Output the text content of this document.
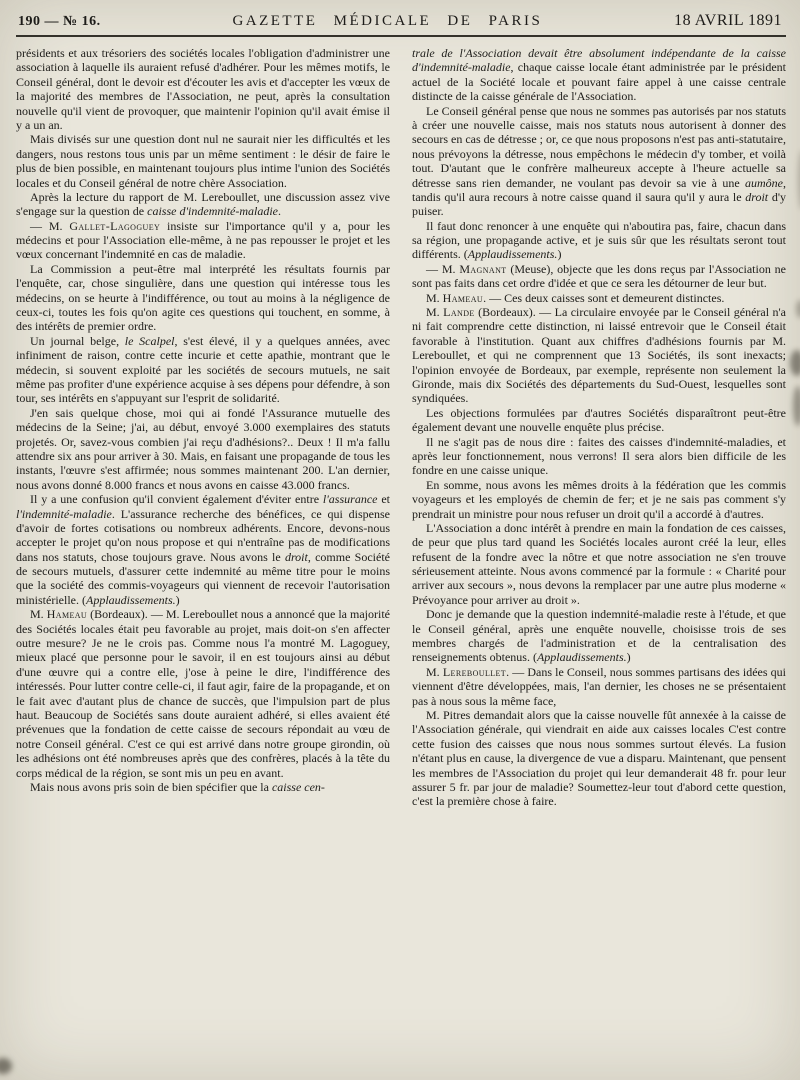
190 — № 16.	GAZETTE MÉDICALE DE PARIS	18 AVRIL 1891

présidents et aux trésoriers des sociétés locales l'obligation d'administrer une association à laquelle ils auraient refusé d'adhérer. Pour les mêmes motifs, le Conseil général, dont le devoir est d'écouter les avis et d'accepter les vœux de la majorité des membres de l'Association, ne peut, après la consultation nouvelle qu'il vient de provoquer, que maintenir l'opinion qu'il avait émise il y a un an.

Mais divisés sur une question dont nul ne saurait nier les difficultés et les dangers, nous restons tous unis par un même sentiment : le désir de faire le plus de bien possible, en maintenant toujours plus intime l'union des Sociétés locales et du Conseil général de notre chère Association.

Après la lecture du rapport de M. Lereboullet, une discussion assez vive s'engage sur la question de caisse d'indemnité-maladie.

— M. Gallet-Lagoguey insiste sur l'importance qu'il y a, pour les médecins et pour l'Association elle-même, à ne pas repousser le projet et les vœux concernant l'indemnité en cas de maladie.

La Commission a peut-être mal interprété les résultats fournis par l'enquête, car, chose singulière, dans une question qui intéresse tous les médecins, on se heurte à l'indifférence, ou tout au moins à la négligence de ceux-ci, toutes les fois qu'on agite ces questions qui touchent, en somme, à des intérêts de premier ordre.

Un journal belge, le Scalpel, s'est élevé, il y a quelques années, avec infiniment de raison, contre cette incurie et cette apathie, montrant que le médecin, si souvent exploité par les sociétés de secours mutuels, ne sait même pas profiter d'une expérience acquise à ses dépens pour défendre, à son tour, ses intérêts en s'appuyant sur l'esprit de solidarité.

J'en sais quelque chose, moi qui ai fondé l'Assurance mutuelle des médecins de la Seine; j'ai, au début, envoyé 3.000 exemplaires des statuts projetés. Or, savez-vous combien j'ai reçu d'adhésions?.. Deux ! Il m'a fallu attendre six ans pour arriver à 30. Mais, en faisant une propagande de tous les instants, l'œuvre s'est affirmée; nous sommes maintenant 200. L'an dernier, nous avons donné 8.000 francs et nous avons en caisse 43.000 francs.

Il y a une confusion qu'il convient également d'éviter entre l'assurance et l'indemnité-maladie. L'assurance recherche des bénéfices, ce qui dispense d'avoir de fortes cotisations ou nombreux adhérents. Encore, devons-nous accepter le projet qu'on nous propose et qui n'entraîne pas de modifications dans nos statuts, chose toujours grave. Nous avons le droit, comme Société de secours mutuels, d'assurer cette indemnité au même titre pour le moins que la société des commis-voyageurs qui viennent de recevoir l'autorisation ministérielle. (Applaudissements.)

M. Hameau (Bordeaux). — M. Lereboullet nous a annoncé que la majorité des Sociétés locales était peu favorable au projet, mais doit-on s'en affecter outre mesure? Je ne le crois pas. Comme nous l'a montré M. Lagoguey, mieux placé que personne pour le savoir, il en est toujours ainsi au début d'une œuvre qui a contre elle, j'ose à peine le dire, l'indifférence des intéressés. Pour lutter contre celle-ci, il faut agir, faire de la propagande, et on le fait avec d'autant plus de chance de succès, que l'impulsion part de plus haut. Beaucoup de Sociétés sans doute auraient adhéré, si elles avaient été prévenues que la fondation de cette caisse de secours répondait au vœu de notre Conseil général. C'est ce qui est arrivé dans notre groupe girondin, où les adhésions ont été nombreuses après que des confrères, placés à la tête du corps médical de la région, se sont mis un peu en avant.

Mais nous avons pris soin de bien spécifier que la caisse cen-

trale de l'Association devait être absolument indépendante de la caisse d'indemnité-maladie, chaque caisse locale étant administrée par le président actuel de la Société locale et pouvant faire appel à une caisse centrale distincte de la caisse générale de l'Association.

Le Conseil général pense que nous ne sommes pas autorisés par nos statuts à créer une nouvelle caisse, mais nos statuts nous autorisent à donner des secours en cas de détresse ; or, ce que nous proposons n'est pas anti-statutaire, nous prévoyons la détresse, nous empêchons le médecin d'y tomber, et voilà tout. D'autant que le confrère malheureux accepte à l'heure actuelle sa détresse sans rien demander, ne voulant pas devoir sa vie à une aumône, tandis qu'il aura recours à notre caisse quand il saura qu'il y aura le droit d'y puiser.

Il faut donc renoncer à une enquête qui n'aboutira pas, faire, chacun dans sa région, une propagande active, et je suis sûr que les résultats seront tout différents. (Applaudissements.)

— M. Magnant (Meuse), objecte que les dons reçus par l'Association ne sont pas faits dans cet ordre d'idée et que ce sera les détourner de leur but.

M. Hameau. — Ces deux caisses sont et demeurent distinctes.

M. Lande (Bordeaux). — La circulaire envoyée par le Conseil général n'a ni fait comprendre cette distinction, ni laissé entrevoir que le Conseil était favorable à l'institution. Quant aux chiffres d'adhésions fournis par M. Lereboullet, et qui ne comprennent que 13 Sociétés, ils sont inexacts; l'opinion envoyée de Bordeaux, par exemple, représente non seulement la Gironde, mais dix Sociétés des départements du Sud-Ouest, lesquelles sont syndiquées.

Les objections formulées par d'autres Sociétés disparaîtront peut-être également devant une nouvelle enquête plus précise.

Il ne s'agit pas de nous dire : faites des caisses d'indemnité-maladies, et après leur fonctionnement, nous verrons! Il sera alors bien difficile de les fondre en une caisse unique.

En somme, nous avons les mêmes droits à la fédération que les commis voyageurs et les employés de chemin de fer; et je ne sais pas comment s'y prendrait un ministre pour nous refuser un droit qu'il a accordé à d'autres.

L'Association a donc intérêt à prendre en main la fondation de ces caisses, de peur que plus tard quand les Sociétés locales auront créé la leur, elles refusent de la fondre avec la nôtre et que notre association ne s'en trouve sérieusement atteinte. Nous avons commencé par la formule : « Charité pour arriver aux secours », nous devons la remplacer par une autre plus moderne « Prévoyance pour arriver au droit ».

Donc je demande que la question indemnité-maladie reste à l'étude, et que le Conseil général, après une enquête nouvelle, choisisse trois de ses membres chargés de l'administration et de la centralisation des renseignements obtenus. (Applaudissements.)

M. Lereboullet. — Dans le Conseil, nous sommes partisans des idées qui viennent d'être développées, mais, l'an dernier, les choses ne se présentaient pas à nous sous la même face,

M. Pitres demandait alors que la caisse nouvelle fût annexée à la caisse de l'Association générale, qui viendrait en aide aux caisses locales C'est contre cette fusion des caisses que nous nous sommes surtout élevés. La fusion n'étant plus en cause, la divergence de vue a disparu. Maintenant, que pensent les membres de l'Association du projet qui leur demanderait 48 fr. pour leur assurer 5 fr. par jour de maladie? Soumettez-leur tout d'abord cette question, c'est la première chose à faire.
